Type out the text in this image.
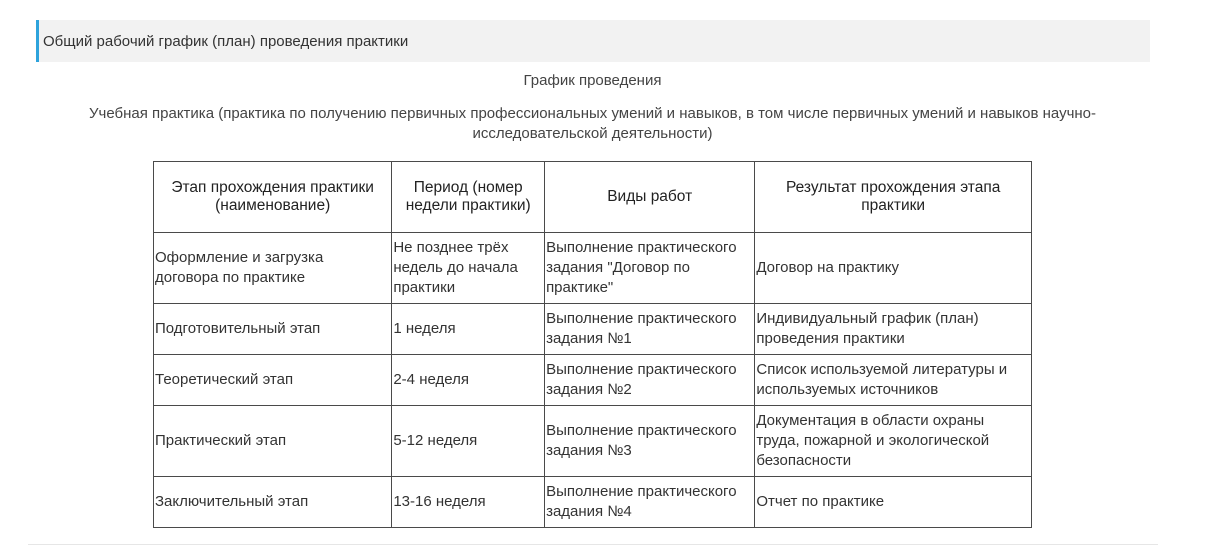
Общий рабочий график (план) проведения практики
График проведения
Учебная практика (практика по получению первичных профессиональных умений и навыков, в том числе первичных умений и навыков научно-исследовательской деятельности)
Этап прохождения практики (наименование)	Период (номер недели практики)	Виды работ	Результат прохождения этапа практики
Оформление и загрузка договора по практике	Не позднее трёх недель до начала практики	Выполнение практического задания "Договор по практике"	Договор на практику
Подготовительный этап	1 неделя	Выполнение практического задания №1	Индивидуальный график (план) проведения практики
Теоретический этап	2-4 неделя	Выполнение практического задания №2	Список используемой литературы и используемых источников
Практический этап	5-12 неделя	Выполнение практического задания №3	Документация в области охраны труда, пожарной и экологической безопасности
Заключительный этап	13-16 неделя	Выполнение практического задания №4	Отчет по практике
